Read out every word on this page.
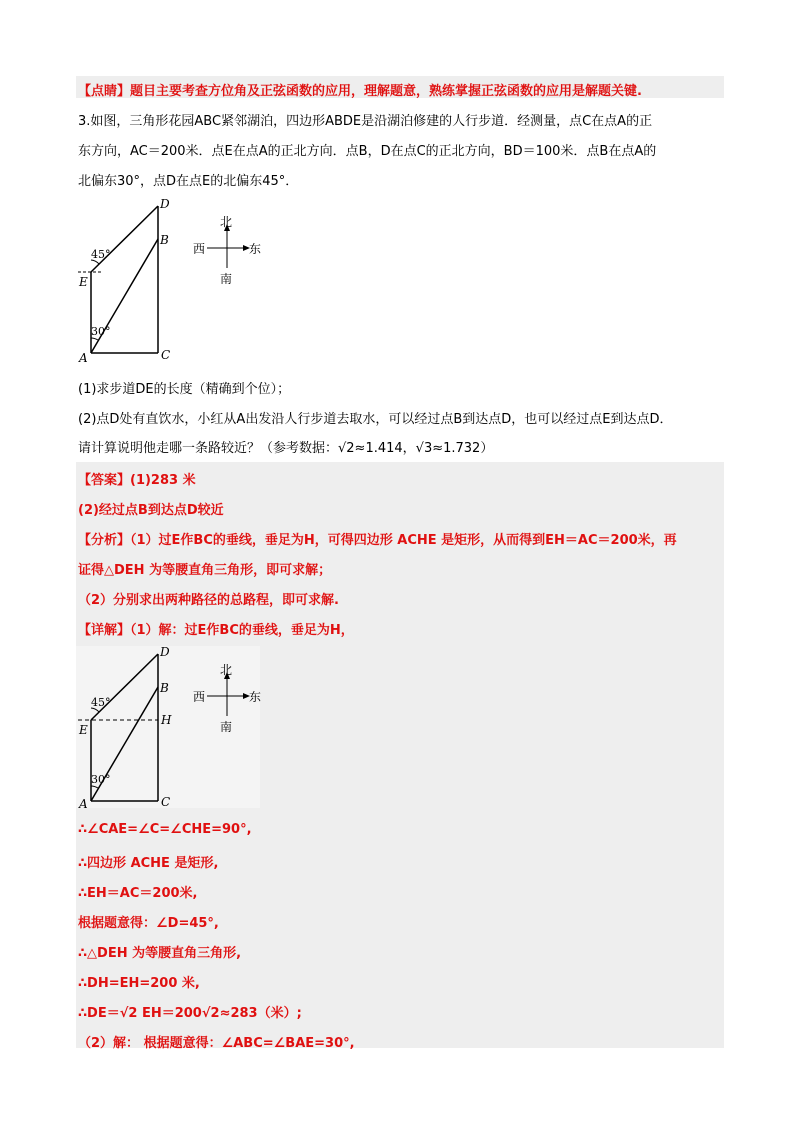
【点睛】题目主要考查方位角及正弦函数的应用，理解题意，熟练掌握正弦函数的应用是解题关键.
3.如图，三角形花园ABC紧邻湖泊，四边形ABDE是沿湖泊修建的人行步道．经测量，点C在点A的正
东方向，AC＝200米．点E在点A的正北方向．点B，D在点C的正北方向，BD＝100米．点B在点A的
北偏东30°，点D在点E的北偏东45°．
D
B
E
A	C
45°
30°
北
南
西	东
(1)求步道DE的长度（精确到个位）；
(2)点D处有直饮水，小红从A出发沿人行步道去取水，可以经过点B到达点D，也可以经过点E到达点D．
请计算说明他走哪一条路较近？（参考数据：√2≈1.414，√3≈1.732）
【答案】(1)283 米
(2)经过点B到达点D较近
【分析】（1）过E作BC的垂线，垂足为H，可得四边形 ACHE 是矩形，从而得到EH＝AC＝200米，再
证得△DEH 为等腰直角三角形，即可求解；
（2）分别求出两种路径的总路程，即可求解.
【详解】（1）解：过E作BC的垂线，垂足为H，
D
B
H
E
A	C
45°
30°
北
南
西	东
∴∠CAE=∠C=∠CHE=90°,
∴四边形 ACHE 是矩形,
∴EH＝AC＝200米,
根据题意得：∠D=45°,
∴△DEH 为等腰直角三角形,
∴DH=EH=200 米,
∴DE＝√2 EH＝200√2≈283（米）;
（2）解： 根据题意得：∠ABC=∠BAE=30°,
